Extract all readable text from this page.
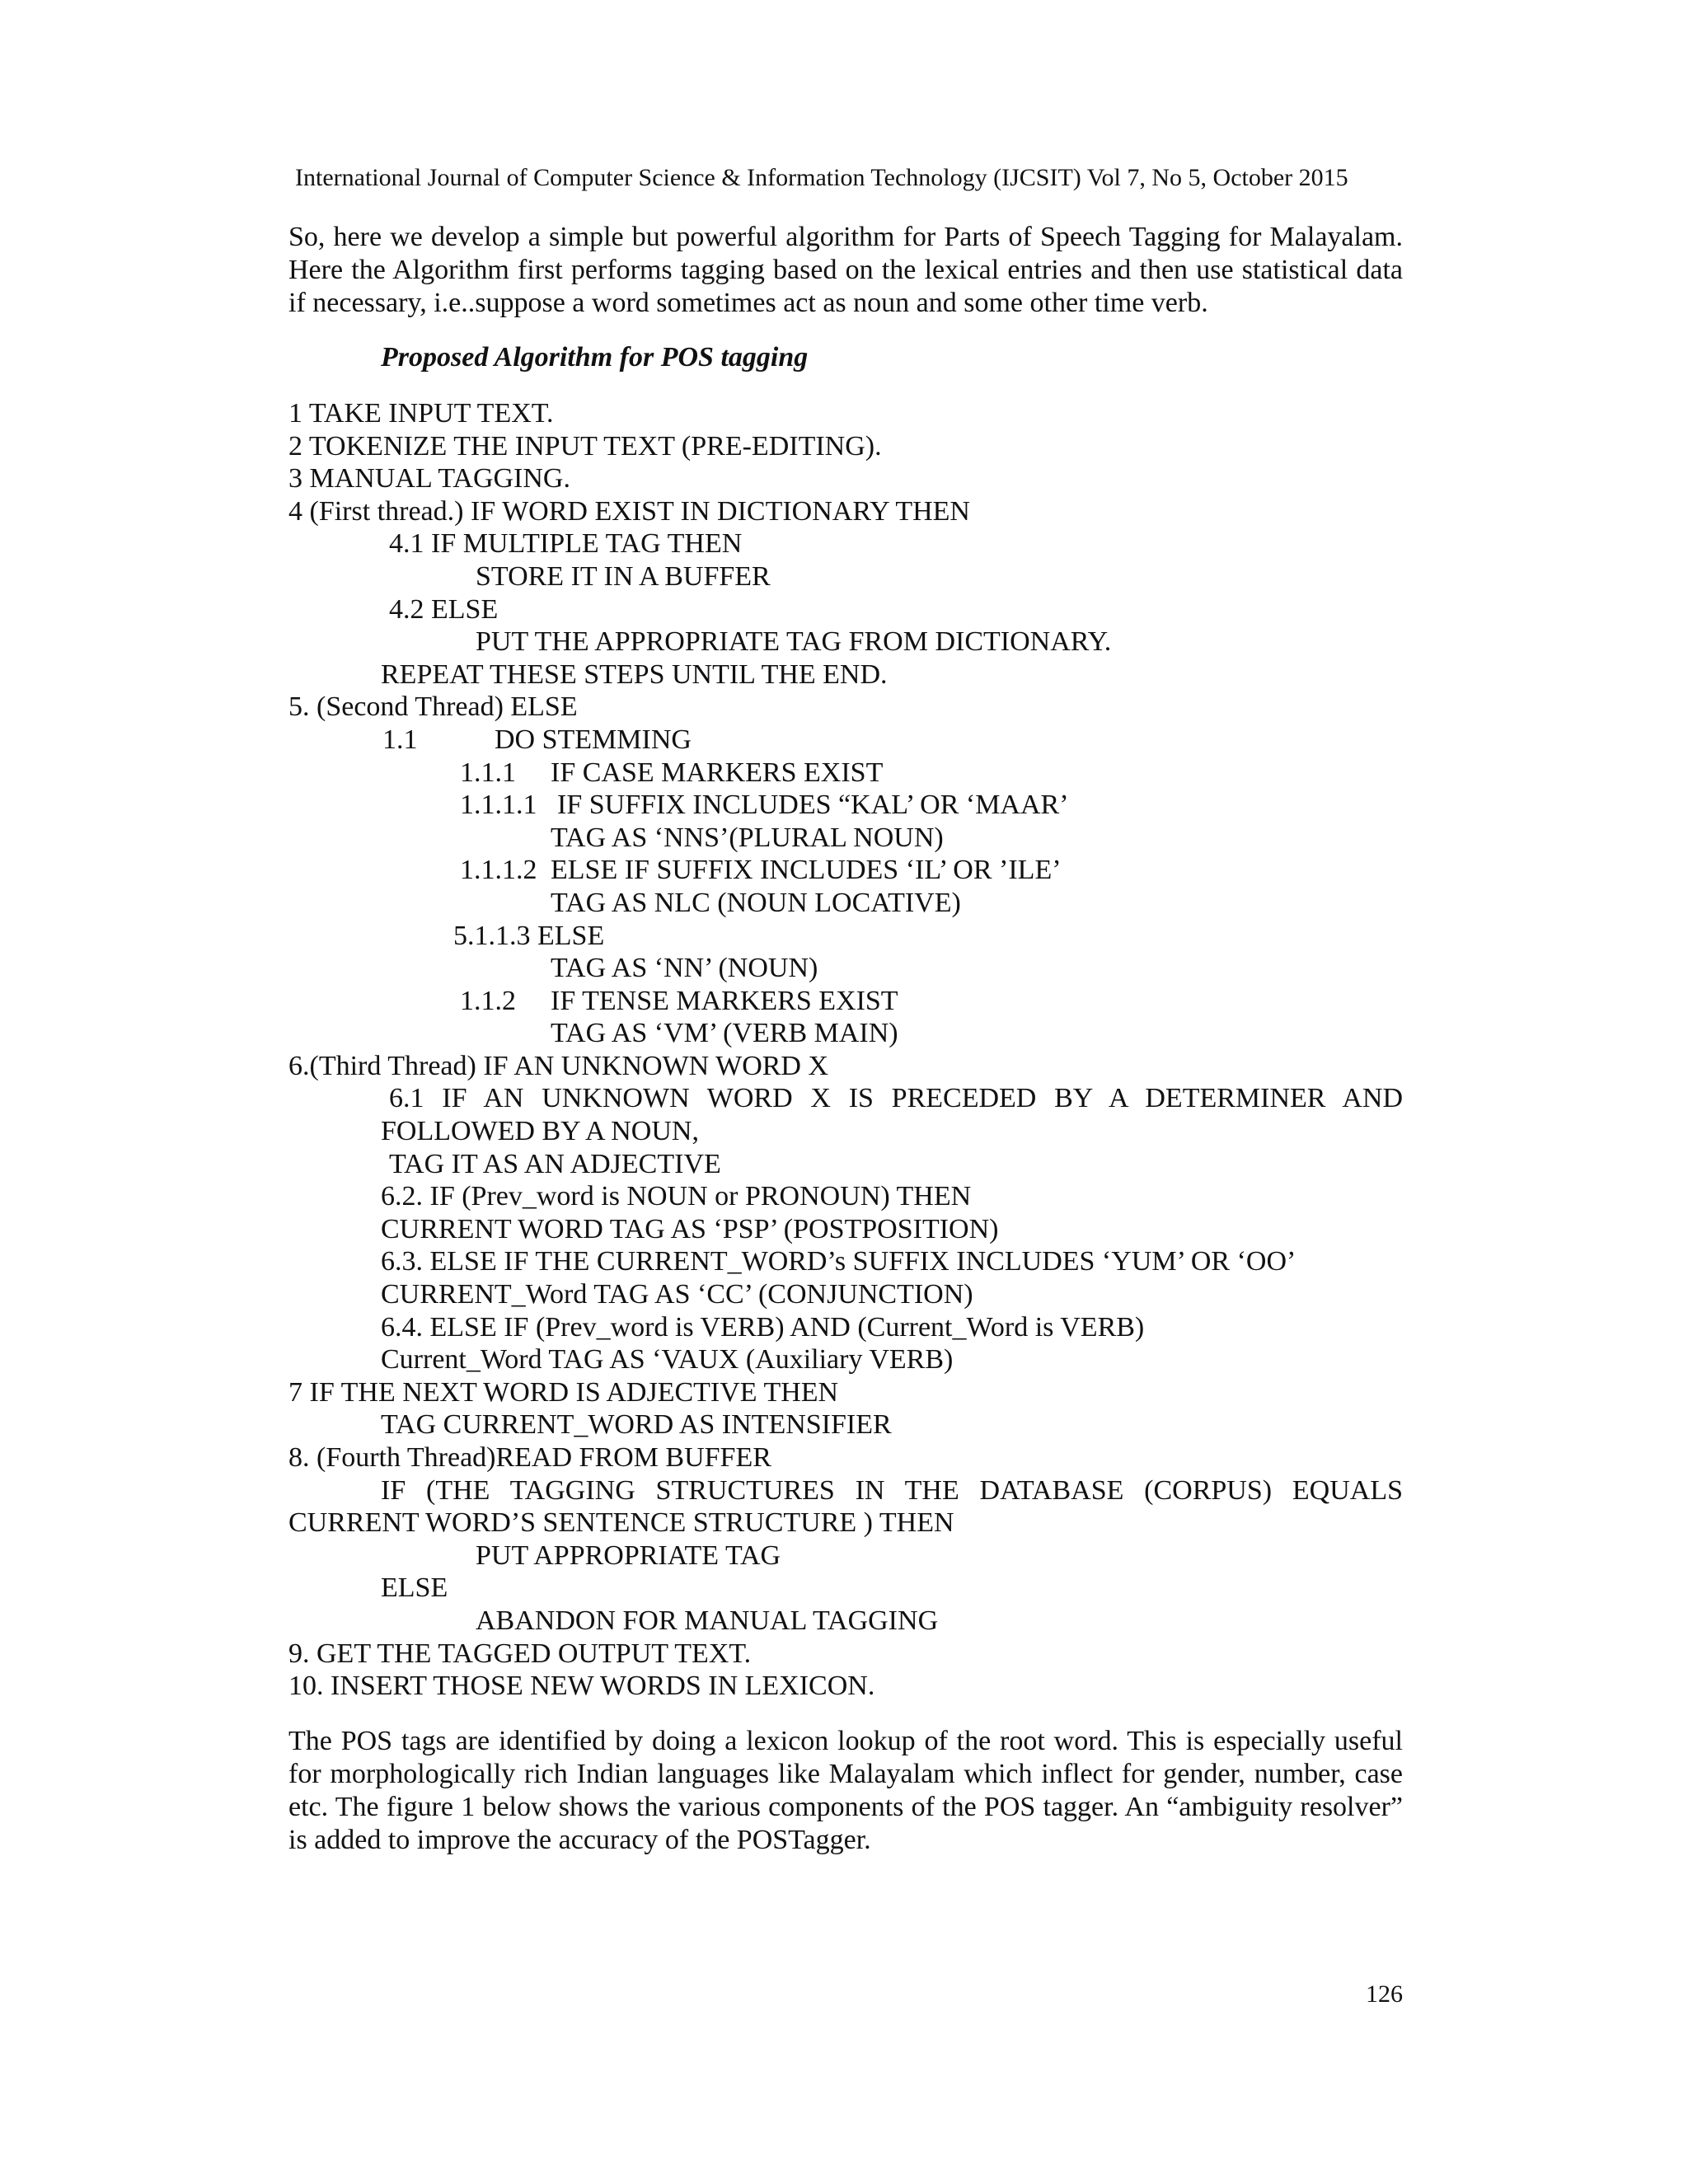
International Journal of Computer Science & Information Technology (IJCSIT) Vol 7, No 5, October 2015

So, here we develop a simple but powerful algorithm for Parts of Speech Tagging for Malayalam. Here the Algorithm first performs tagging based on the lexical entries and then use statistical data if necessary, i.e..suppose a word sometimes act as noun and some other time verb.

Proposed Algorithm for POS tagging
1 TAKE INPUT TEXT.
2 TOKENIZE THE INPUT TEXT (PRE-EDITING).
3 MANUAL TAGGING.
4 (First thread.) IF WORD EXIST IN DICTIONARY THEN
4.1 IF MULTIPLE TAG THEN
STORE IT IN A BUFFER
4.2 ELSE
PUT THE APPROPRIATE TAG FROM DICTIONARY.
REPEAT THESE STEPS UNTIL THE END.
5. (Second Thread) ELSE
1.1	DO STEMMING
1.1.1 IF CASE MARKERS EXIST
1.1.1.1 IF SUFFIX INCLUDES “KAL’ OR ‘MAAR’
TAG AS ‘NNS’(PLURAL NOUN)
1.1.1.2 ELSE IF SUFFIX INCLUDES ‘IL’ OR ’ILE’
TAG AS NLC (NOUN LOCATIVE)
5.1.1.3 ELSE
TAG AS ‘NN’ (NOUN)
1.1.2 IF TENSE MARKERS EXIST
TAG AS ‘VM’ (VERB MAIN)
6.(Third Thread) IF AN UNKNOWN WORD X
6.1 IF AN UNKNOWN WORD X IS PRECEDED BY A DETERMINER AND
FOLLOWED BY A NOUN,
TAG IT AS AN ADJECTIVE
6.2. IF (Prev_word is NOUN or PRONOUN) THEN
CURRENT WORD TAG AS ‘PSP’ (POSTPOSITION)
6.3. ELSE IF THE CURRENT_WORD’s SUFFIX INCLUDES ‘YUM’ OR ‘OO’
CURRENT_Word TAG AS ‘CC’ (CONJUNCTION)
6.4. ELSE IF (Prev_word is VERB) AND (Current_Word is VERB)
Current_Word TAG AS ‘VAUX (Auxiliary VERB)
7 IF THE NEXT WORD IS ADJECTIVE THEN
TAG CURRENT_WORD AS INTENSIFIER
8. (Fourth Thread)READ FROM BUFFER
IF (THE TAGGING STRUCTURES IN THE DATABASE (CORPUS) EQUALS
CURRENT WORD’S SENTENCE STRUCTURE ) THEN
PUT APPROPRIATE TAG
ELSE
ABANDON FOR MANUAL TAGGING
9. GET THE TAGGED OUTPUT TEXT.
10. INSERT THOSE NEW WORDS IN LEXICON.

The POS tags are identified by doing a lexicon lookup of the root word. This is especially useful for morphologically rich Indian languages like Malayalam which inflect for gender, number, case etc. The figure 1 below shows the various components of the POS tagger. An “ambiguity resolver” is added to improve the accuracy of the POSTagger.

126
